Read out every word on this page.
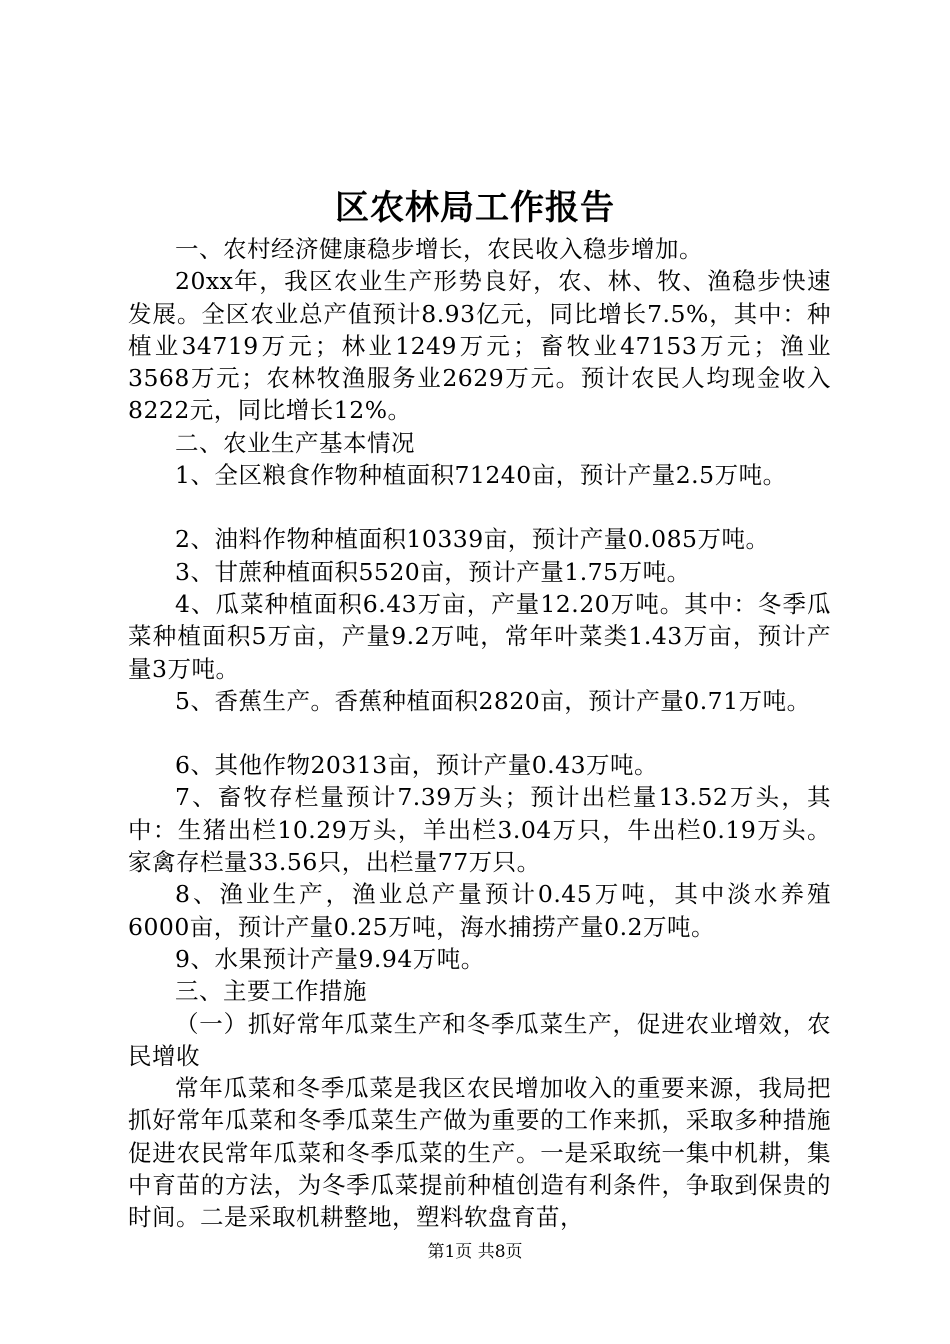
区农林局工作报告

一、农村经济健康稳步增长，农民收入稳步增加。

20xx年，我区农业生产形势良好，农、林、牧、渔稳步快速发展。全区农业总产值预计8.93亿元，同比增长7.5%，其中：种植业34719万元；林业1249万元；畜牧业47153万元；渔业3568万元；农林牧渔服务业2629万元。预计农民人均现金收入8222元，同比增长12%。

二、农业生产基本情况

1、全区粮食作物种植面积71240亩，预计产量2.5万吨。

2、油料作物种植面积10339亩，预计产量0.085万吨。

3、甘蔗种植面积5520亩，预计产量1.75万吨。

4、瓜菜种植面积6.43万亩，产量12.20万吨。其中：冬季瓜菜种植面积5万亩，产量9.2万吨，常年叶菜类1.43万亩，预计产量3万吨。

5、香蕉生产。香蕉种植面积2820亩，预计产量0.71万吨。

6、其他作物20313亩，预计产量0.43万吨。

7、畜牧存栏量预计7.39万头；预计出栏量13.52万头，其中：生猪出栏10.29万头，羊出栏3.04万只，牛出栏0.19万头。家禽存栏量33.56只，出栏量77万只。

8、渔业生产，渔业总产量预计0.45万吨，其中淡水养殖6000亩，预计产量0.25万吨，海水捕捞产量0.2万吨。

9、水果预计产量9.94万吨。

三、主要工作措施

（一）抓好常年瓜菜生产和冬季瓜菜生产，促进农业增效，农民增收

常年瓜菜和冬季瓜菜是我区农民增加收入的重要来源，我局把抓好常年瓜菜和冬季瓜菜生产做为重要的工作来抓，采取多种措施促进农民常年瓜菜和冬季瓜菜的生产。一是采取统一集中机耕，集中育苗的方法，为冬季瓜菜提前种植创造有利条件，争取到保贵的时间。二是采取机耕整地，塑料软盘育苗，

第1页 共8页
